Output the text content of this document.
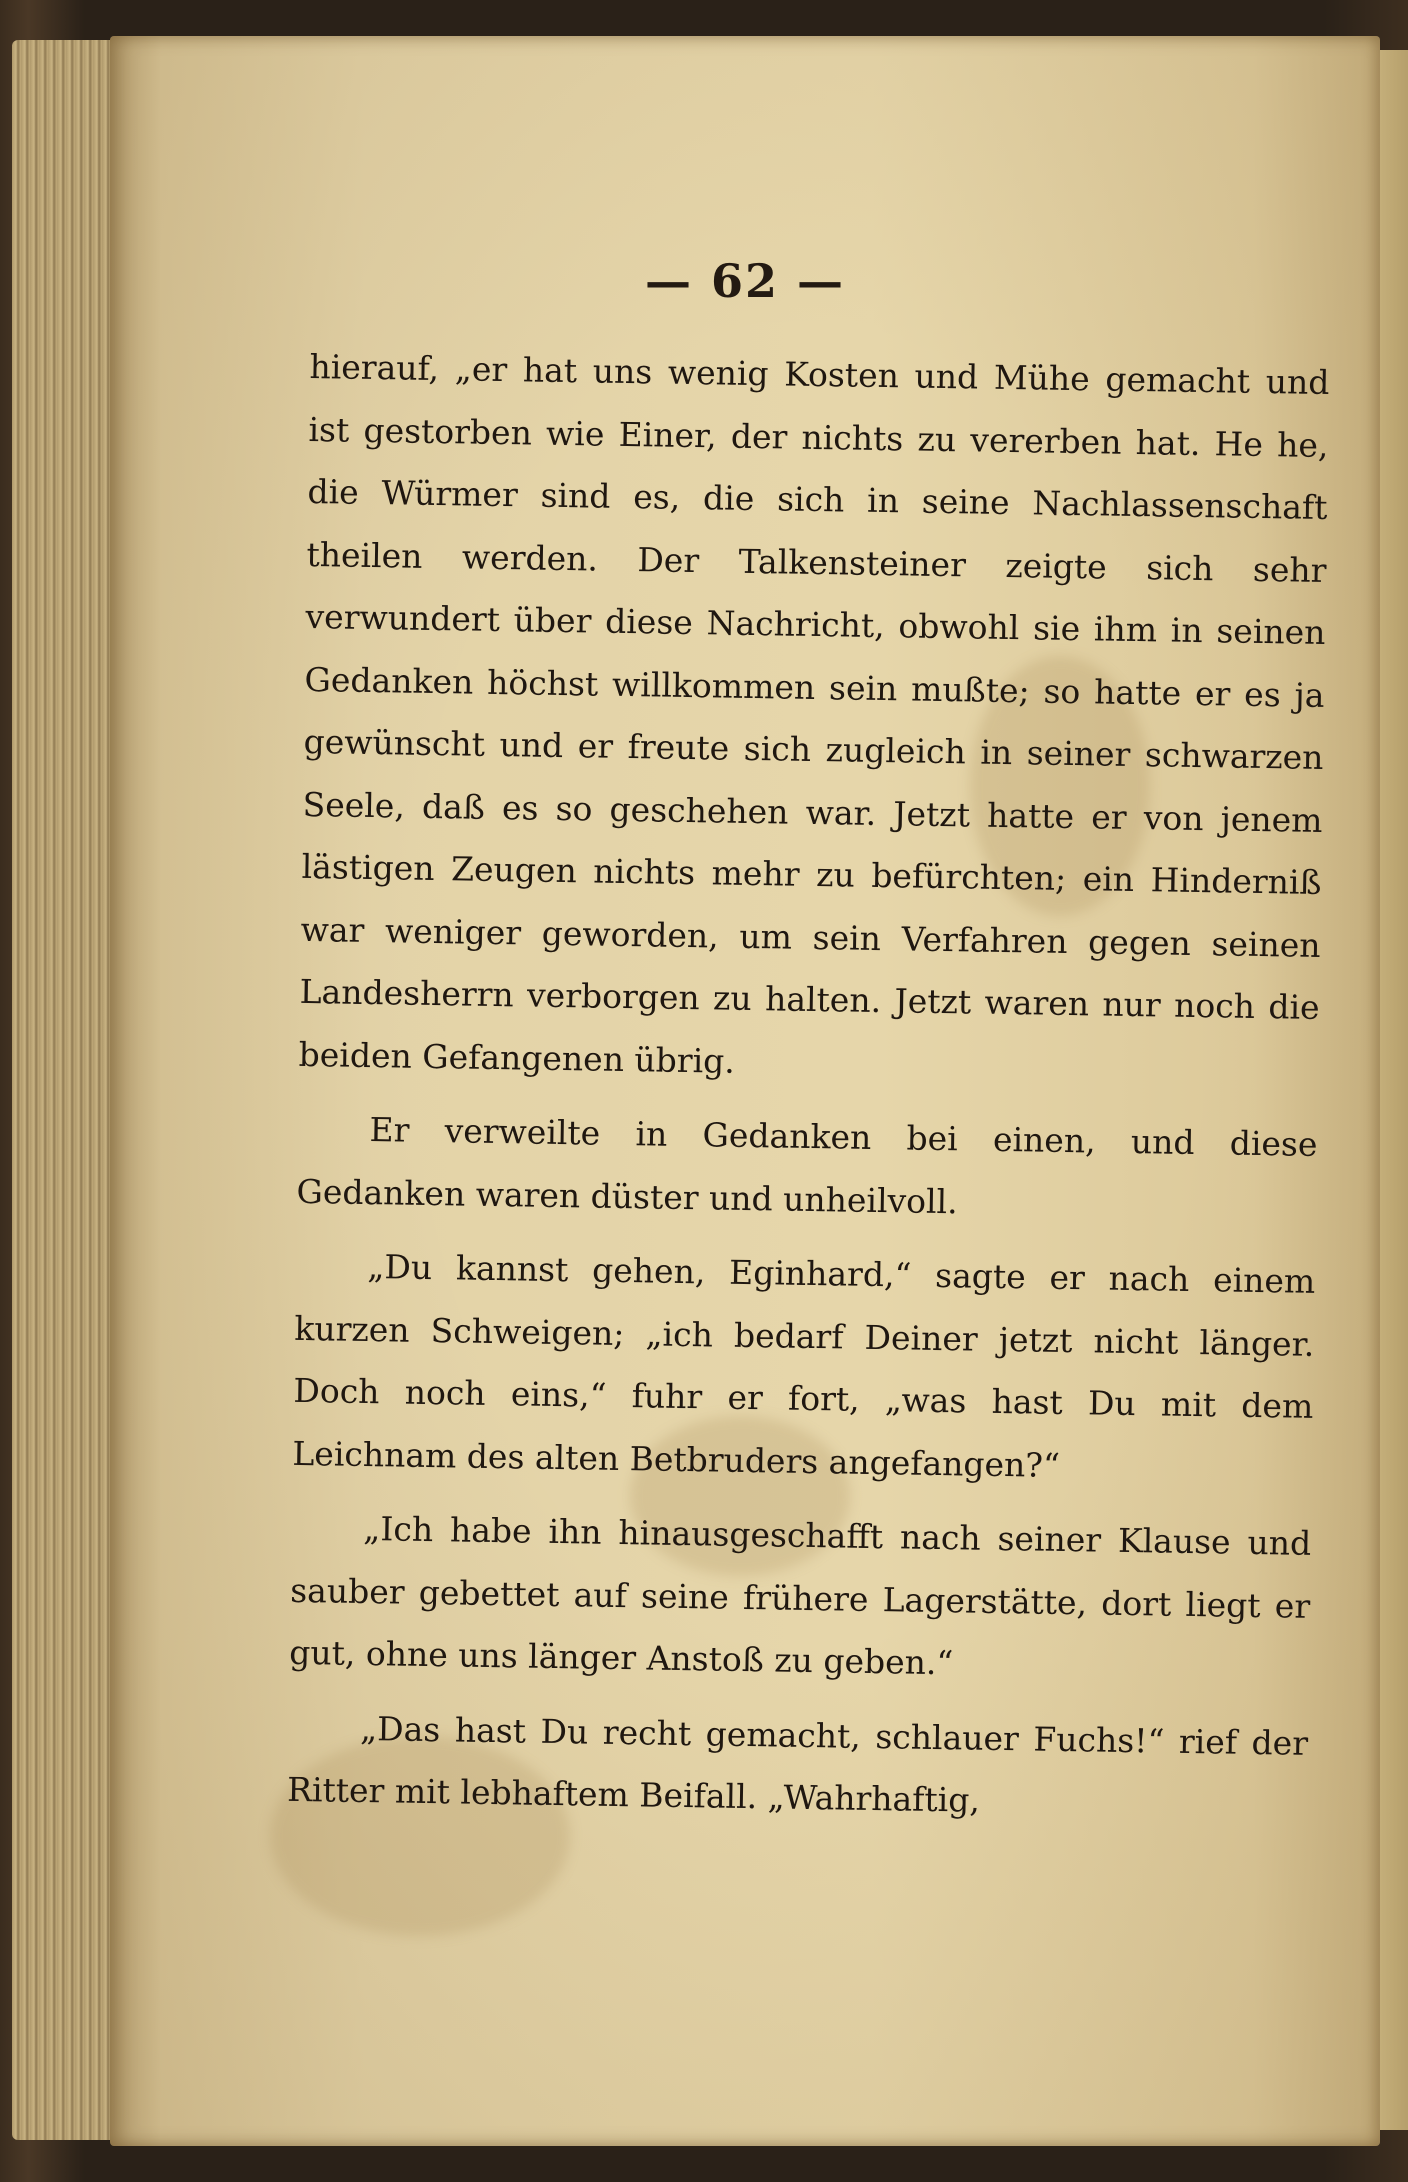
— 62 —

hierauf, „er hat uns wenig Kosten und Mühe gemacht und ist gestorben wie Einer, der nichts zu vererben hat. He he, die Würmer sind es, die sich in seine Nachlassenschaft theilen werden. Der Talkensteiner zeigte sich sehr verwundert über diese Nachricht, obwohl sie ihm in seinen Gedanken höchst willkommen sein mußte; so hatte er es ja gewünscht und er freute sich zugleich in seiner schwarzen Seele, daß es so geschehen war. Jetzt hatte er von jenem lästigen Zeugen nichts mehr zu befürchten; ein Hinderniß war weniger geworden, um sein Verfahren gegen seinen Landesherrn verborgen zu halten. Jetzt waren nur noch die beiden Gefangenen übrig.

Er verweilte in Gedanken bei einen, und diese Gedanken waren düster und unheilvoll.

„Du kannst gehen, Eginhard,“ sagte er nach einem kurzen Schweigen; „ich bedarf Deiner jetzt nicht länger. Doch noch eins,“ fuhr er fort, „was hast Du mit dem Leichnam des alten Betbruders angefangen?“

„Ich habe ihn hinausgeschafft nach seiner Klause und sauber gebettet auf seine frühere Lagerstätte, dort liegt er gut, ohne uns länger Anstoß zu geben.“

„Das hast Du recht gemacht, schlauer Fuchs!“ rief der Ritter mit lebhaftem Beifall. „Wahrhaftig,
